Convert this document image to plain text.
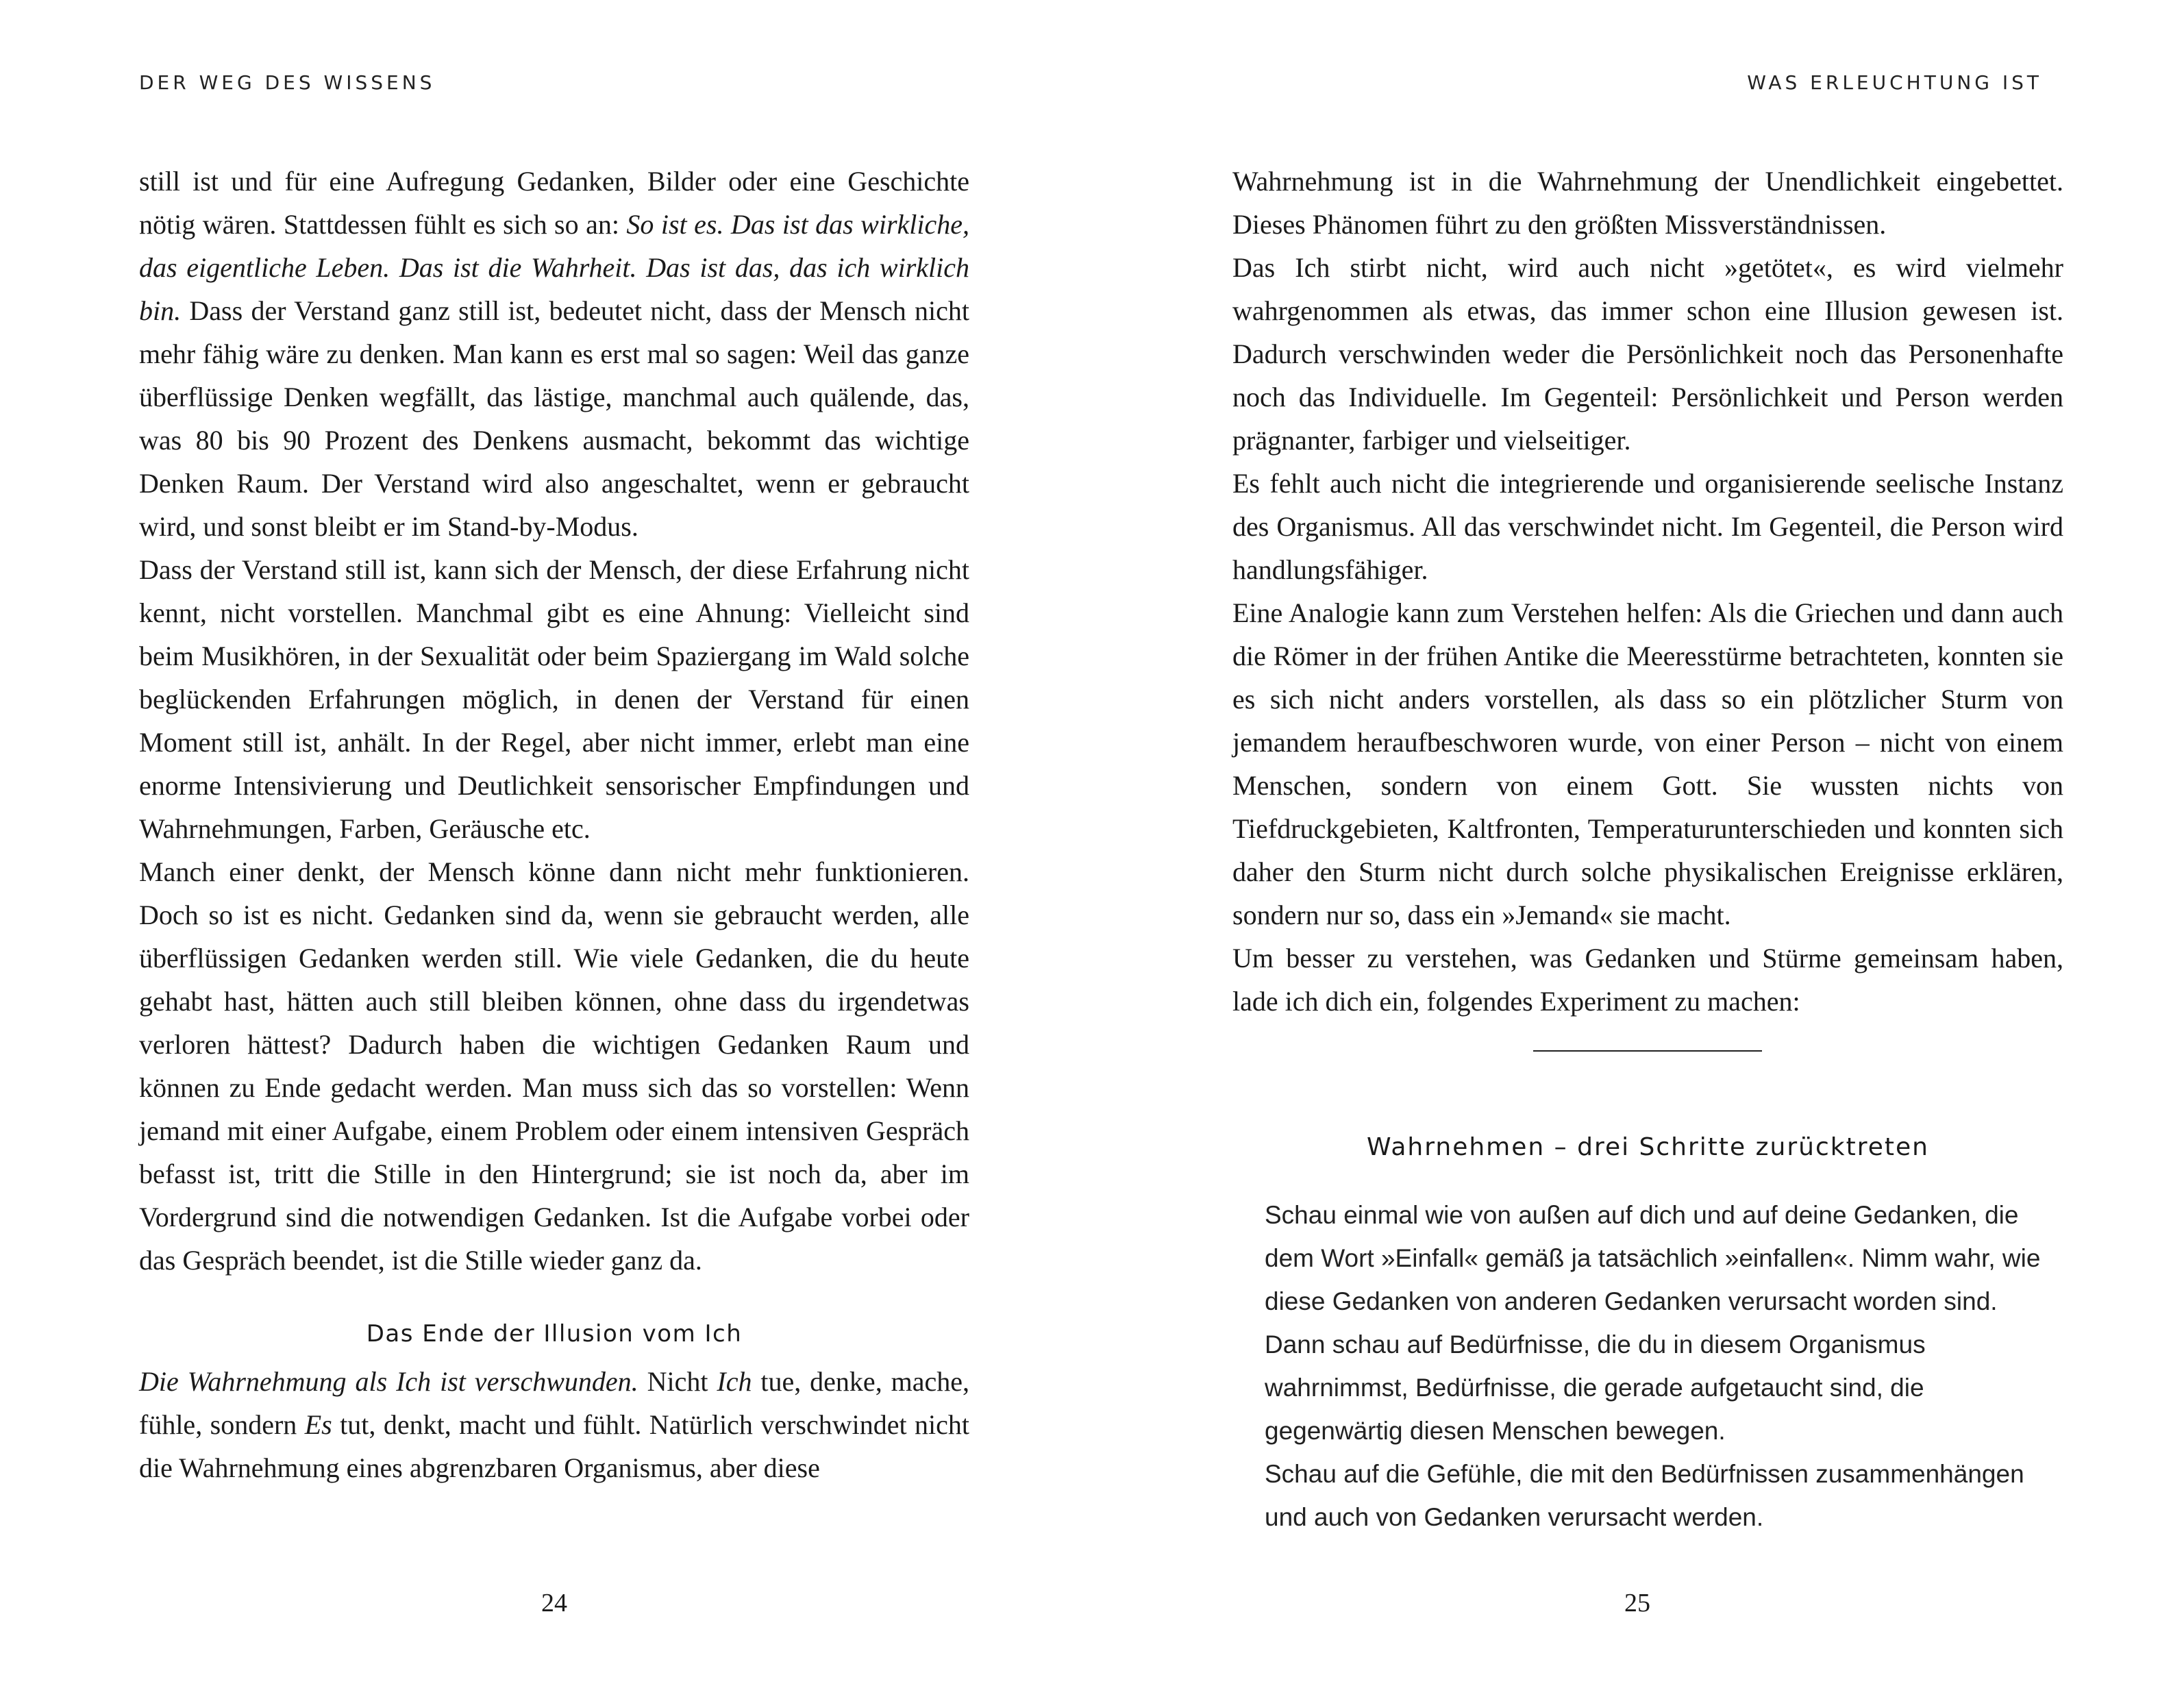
DER WEG DES WISSENS

still ist und für eine Aufregung Gedanken, Bilder oder eine Geschichte nötig wären. Stattdessen fühlt es sich so an: So ist es. Das ist das wirkliche, das eigentliche Leben. Das ist die Wahrheit. Das ist das, das ich wirklich bin. Dass der Verstand ganz still ist, bedeutet nicht, dass der Mensch nicht mehr fähig wäre zu denken. Man kann es erst mal so sagen: Weil das ganze überflüssige Denken wegfällt, das lästige, manchmal auch quälende, das, was 80 bis 90 Prozent des Denkens ausmacht, bekommt das wichtige Denken Raum. Der Verstand wird also angeschaltet, wenn er gebraucht wird, und sonst bleibt er im Stand-by-Modus.

Dass der Verstand still ist, kann sich der Mensch, der diese Erfahrung nicht kennt, nicht vorstellen. Manchmal gibt es eine Ahnung: Vielleicht sind beim Musikhören, in der Sexualität oder beim Spaziergang im Wald solche beglückenden Erfahrungen möglich, in denen der Verstand für einen Moment still ist, anhält. In der Regel, aber nicht immer, erlebt man eine enorme Intensivierung und Deutlichkeit sensorischer Empfindungen und Wahrnehmungen, Farben, Geräusche etc.

Manch einer denkt, der Mensch könne dann nicht mehr funktionieren. Doch so ist es nicht. Gedanken sind da, wenn sie gebraucht werden, alle überflüssigen Gedanken werden still. Wie viele Gedanken, die du heute gehabt hast, hätten auch still bleiben können, ohne dass du irgendetwas verloren hättest? Dadurch haben die wichtigen Gedanken Raum und können zu Ende gedacht werden. Man muss sich das so vorstellen: Wenn jemand mit einer Aufgabe, einem Problem oder einem intensiven Gespräch befasst ist, tritt die Stille in den Hintergrund; sie ist noch da, aber im Vordergrund sind die notwendigen Gedanken. Ist die Aufgabe vorbei oder das Gespräch beendet, ist die Stille wieder ganz da.

Das Ende der Illusion vom Ich

Die Wahrnehmung als Ich ist verschwunden. Nicht Ich tue, denke, mache, fühle, sondern Es tut, denkt, macht und fühlt. Natürlich verschwindet nicht die Wahrnehmung eines abgrenzbaren Organismus, aber diese

24
WAS ERLEUCHTUNG IST

Wahrnehmung ist in die Wahrnehmung der Unendlichkeit eingebettet. Dieses Phänomen führt zu den größten Missverständnissen.

Das Ich stirbt nicht, wird auch nicht »getötet«, es wird vielmehr wahrgenommen als etwas, das immer schon eine Illusion gewesen ist. Dadurch verschwinden weder die Persönlichkeit noch das Personenhafte noch das Individuelle. Im Gegenteil: Persönlichkeit und Person werden prägnanter, farbiger und vielseitiger.

Es fehlt auch nicht die integrierende und organisierende seelische Instanz des Organismus. All das verschwindet nicht. Im Gegenteil, die Person wird handlungsfähiger.

Eine Analogie kann zum Verstehen helfen: Als die Griechen und dann auch die Römer in der frühen Antike die Meeresstürme betrachteten, konnten sie es sich nicht anders vorstellen, als dass so ein plötzlicher Sturm von jemandem heraufbeschworen wurde, von einer Person – nicht von einem Menschen, sondern von einem Gott. Sie wussten nichts von Tiefdruckgebieten, Kaltfronten, Temperaturunterschieden und konnten sich daher den Sturm nicht durch solche physikalischen Ereignisse erklären, sondern nur so, dass ein »Jemand« sie macht.

Um besser zu verstehen, was Gedanken und Stürme gemeinsam haben, lade ich dich ein, folgendes Experiment zu machen:

Wahrnehmen – drei Schritte zurücktreten

Schau einmal wie von außen auf dich und auf deine Gedanken, die dem Wort »Einfall« gemäß ja tatsächlich »einfallen«. Nimm wahr, wie diese Gedanken von anderen Gedanken verursacht worden sind.

Dann schau auf Bedürfnisse, die du in diesem Organismus wahrnimmst, Bedürfnisse, die gerade aufgetaucht sind, die gegenwärtig diesen Menschen bewegen.

Schau auf die Gefühle, die mit den Bedürfnissen zusammenhängen und auch von Gedanken verursacht werden.

25
